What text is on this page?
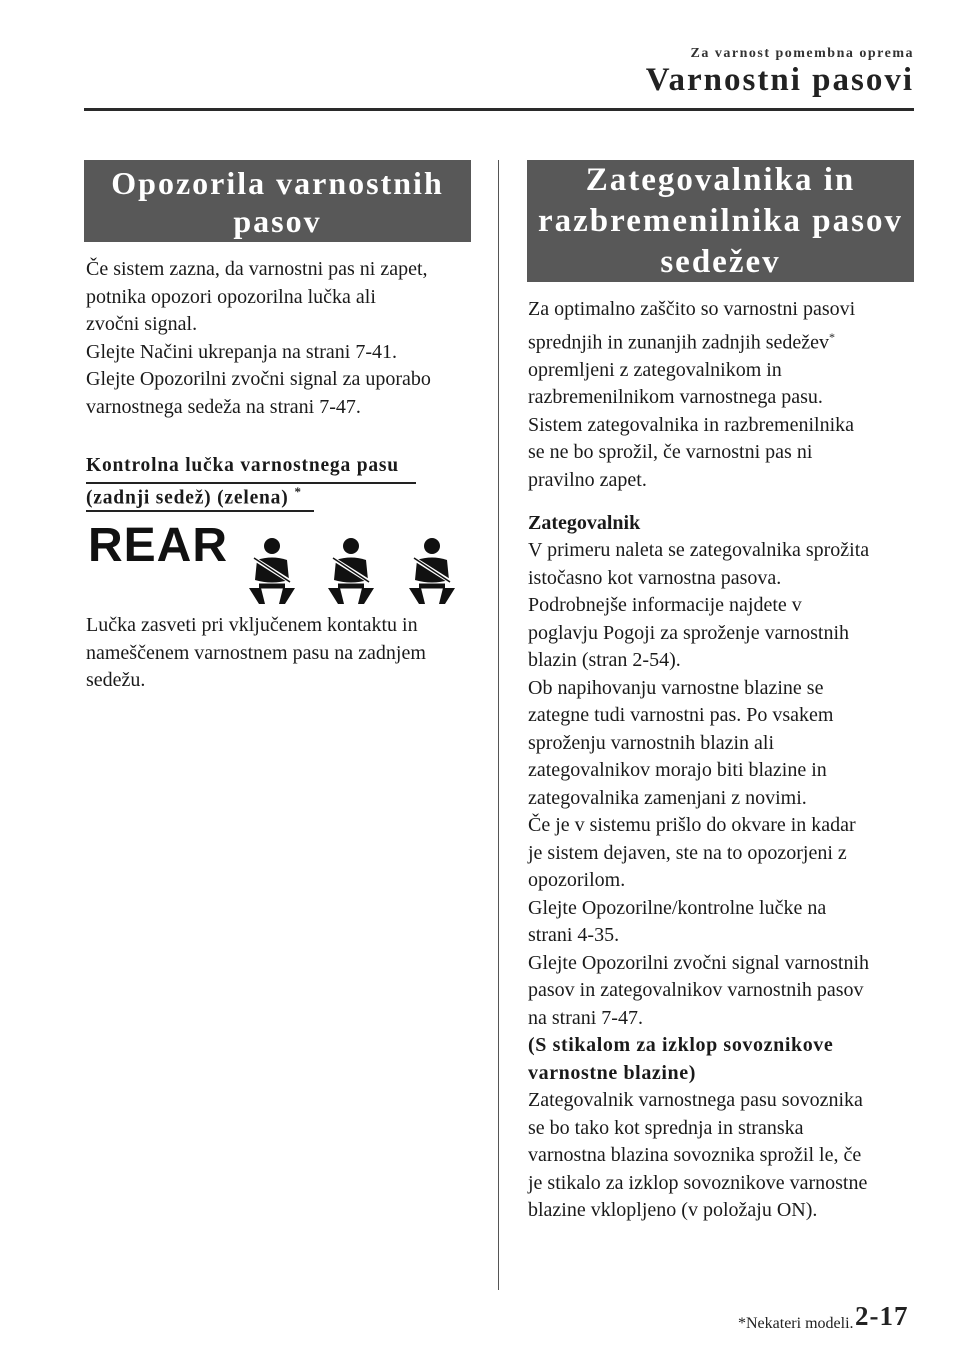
Za varnost pomembna oprema
Varnostni pasovi
Opozorila varnostnih
pasov
Če sistem zazna, da varnostni pas ni zapet,
potnika opozori opozorilna lučka ali
zvočni signal.
Glejte Načini ukrepanja na strani 7-41.
Glejte Opozorilni zvočni signal za uporabo
varnostnega sedeža na strani 7-47.
Kontrolna lučka varnostnega pasu
(zadnji sedež) (zelena) *
REAR
Lučka zasveti pri vključenem kontaktu in
nameščenem varnostnem pasu na zadnjem
sedežu.
Zategovalnika in
razbremenilnika pasov
sedežev
Za optimalno zaščito so varnostni pasovi
sprednjih in zunanjih zadnjih sedežev*
opremljeni z zategovalnikom in
razbremenilnikom varnostnega pasu.
Sistem zategovalnika in razbremenilnika
se ne bo sprožil, če varnostni pas ni
pravilno zapet.
Zategovalnik
V primeru naleta se zategovalnika sprožita
istočasno kot varnostna pasova.
Podrobnejše informacije najdete v
poglavju Pogoji za sproženje varnostnih
blazin (stran 2-54).
Ob napihovanju varnostne blazine se
zategne tudi varnostni pas. Po vsakem
sproženju varnostnih blazin ali
zategovalnikov morajo biti blazine in
zategovalnika zamenjani z novimi.
Če je v sistemu prišlo do okvare in kadar
je sistem dejaven, ste na to opozorjeni z
opozorilom.
Glejte Opozorilne/kontrolne lučke na
strani 4-35.
Glejte Opozorilni zvočni signal varnostnih
pasov in zategovalnikov varnostnih pasov
na strani 7-47.
(S stikalom za izklop sovoznikove
varnostne blazine)
Zategovalnik varnostnega pasu sovoznika
se bo tako kot sprednja in stranska
varnostna blazina sovoznika sprožil le, če
je stikalo za izklop sovoznikove varnostne
blazine vklopljeno (v položaju ON).
*Nekateri modeli. 2-17
